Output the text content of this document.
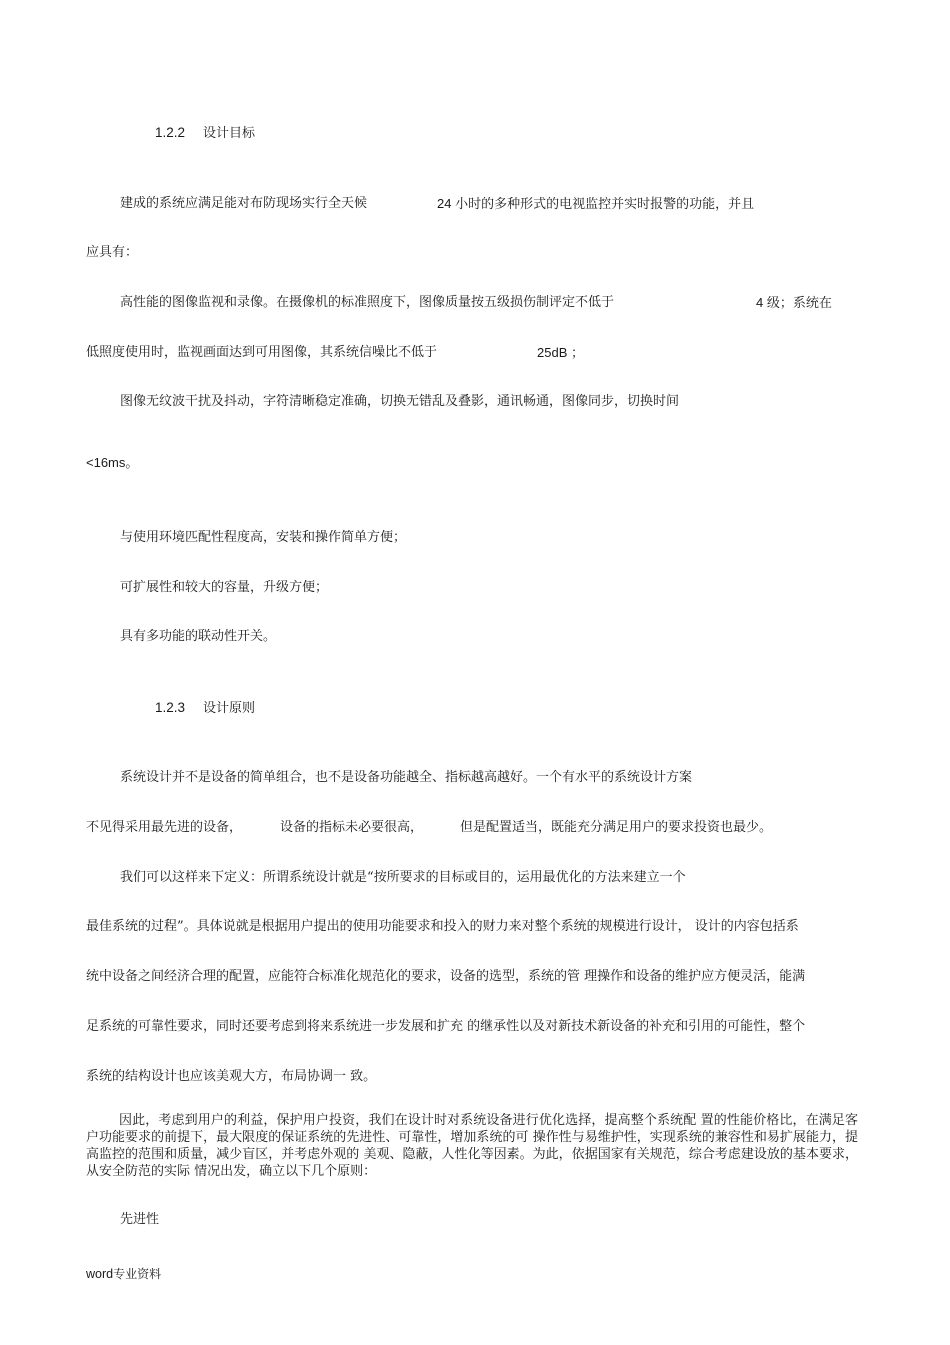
1.2.2 设计目标
建成的系统应满足能对布防现场实行全天候	24 小时的多种形式的电视监控并实时报警的功能，并且
应具有：
高性能的图像监视和录像。在摄像机的标准照度下，图像质量按五级损伤制评定不低于	4 级；系统在
低照度使用时，监视画面达到可用图像，其系统信噪比不低于	25dB ；
图像无纹波干扰及抖动，字符清晰稳定准确，切换无错乱及叠影，通讯畅通，图像同步，切换时间
<16ms。
与使用环境匹配性程度高，安装和操作简单方便；
可扩展性和较大的容量，升级方便；
具有多功能的联动性开关。
1.2.3 设计原则
系统设计并不是设备的简单组合，也不是设备功能越全、指标越高越好。一个有水平的系统设计方案
不见得采用最先进的设备，	设备的指标未必要很高，	但是配置适当，既能充分满足用户的要求投资也最少。
我们可以这样来下定义：所谓系统设计就是“按所要求的目标或目的，运用最优化的方法来建立一个
最佳系统的过程”。具体说就是根据用户提出的使用功能要求和投入的财力来对整个系统的规模进行设计， 设计的内容包括系
统中设备之间经济合理的配置，应能符合标准化规范化的要求，设备的选型，系统的管 理操作和设备的维护应方便灵活，能满
足系统的可靠性要求，同时还要考虑到将来系统进一步发展和扩充 的继承性以及对新技术新设备的补充和引用的可能性，整个
系统的结构设计也应该美观大方，布局协调一 致。
因此，考虑到用户的利益，保护用户投资，我们在设计时对系统设备进行优化选择，提高整个系统配 置的性能价格比，在满足客户功能要求的前提下，最大限度的保证系统的先进性、可靠性，增加系统的可 操作性与易维护性，实现系统的兼容性和易扩展能力，提高监控的范围和质量，减少盲区，并考虑外观的 美观、隐蔽，人性化等因素。为此，依据国家有关规范，综合考虑建设放的基本要求，从安全防范的实际 情况出发，确立以下几个原则：
先进性
word专业资料
